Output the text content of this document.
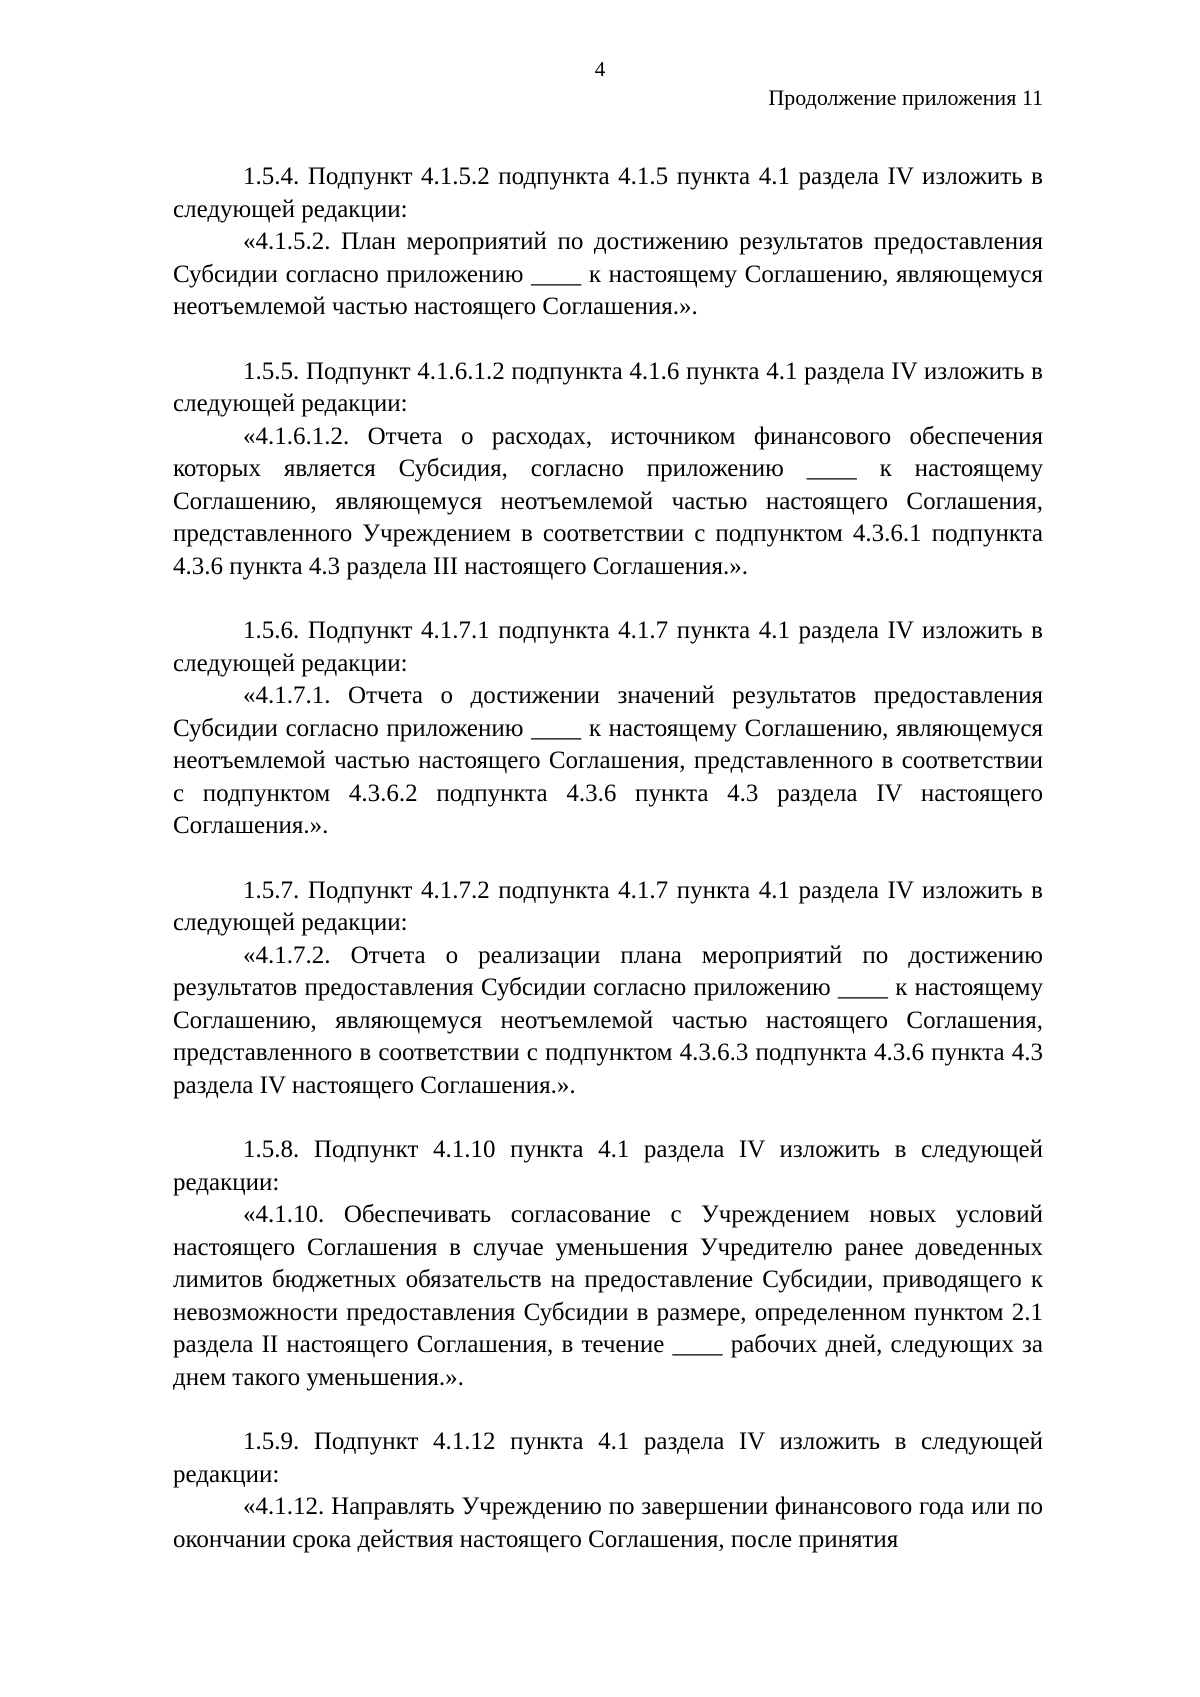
4
Продолжение приложения 11

1.5.4. Подпункт 4.1.5.2 подпункта 4.1.5 пункта 4.1 раздела IV изложить в следующей редакции:

«4.1.5.2. План мероприятий по достижению результатов предоставления Субсидии согласно приложению ____ к настоящему Соглашению, являющемуся неотъемлемой частью настоящего Соглашения.».

1.5.5. Подпункт 4.1.6.1.2 подпункта 4.1.6 пункта 4.1 раздела IV изложить в следующей редакции:

«4.1.6.1.2. Отчета о расходах, источником финансового обеспечения которых является Субсидия, согласно приложению ____ к настоящему Соглашению, являющемуся неотъемлемой частью настоящего Соглашения, представленного Учреждением в соответствии с подпунктом 4.3.6.1 подпункта 4.3.6 пункта 4.3 раздела III настоящего Соглашения.».

1.5.6. Подпункт 4.1.7.1 подпункта 4.1.7 пункта 4.1 раздела IV изложить в следующей редакции:

«4.1.7.1. Отчета о достижении значений результатов предоставления Субсидии согласно приложению ____ к настоящему Соглашению, являющемуся неотъемлемой частью настоящего Соглашения, представленного в соответствии с подпунктом 4.3.6.2 подпункта 4.3.6 пункта 4.3 раздела IV настоящего Соглашения.».

1.5.7. Подпункт 4.1.7.2 подпункта 4.1.7 пункта 4.1 раздела IV изложить в следующей редакции:

«4.1.7.2. Отчета о реализации плана мероприятий по достижению результатов предоставления Субсидии согласно приложению ____ к настоящему Соглашению, являющемуся неотъемлемой частью настоящего Соглашения, представленного в соответствии с подпунктом 4.3.6.3 подпункта 4.3.6 пункта 4.3 раздела IV настоящего Соглашения.».

1.5.8. Подпункт 4.1.10 пункта 4.1 раздела IV изложить в следующей редакции:

«4.1.10. Обеспечивать согласование с Учреждением новых условий настоящего Соглашения в случае уменьшения Учредителю ранее доведенных лимитов бюджетных обязательств на предоставление Субсидии, приводящего к невозможности предоставления Субсидии в размере, определенном пунктом 2.1 раздела II настоящего Соглашения, в течение ____ рабочих дней, следующих за днем такого уменьшения.».

1.5.9. Подпункт 4.1.12 пункта 4.1 раздела IV изложить в следующей редакции:

«4.1.12. Направлять Учреждению по завершении финансового года или по окончании срока действия настоящего Соглашения, после принятия
